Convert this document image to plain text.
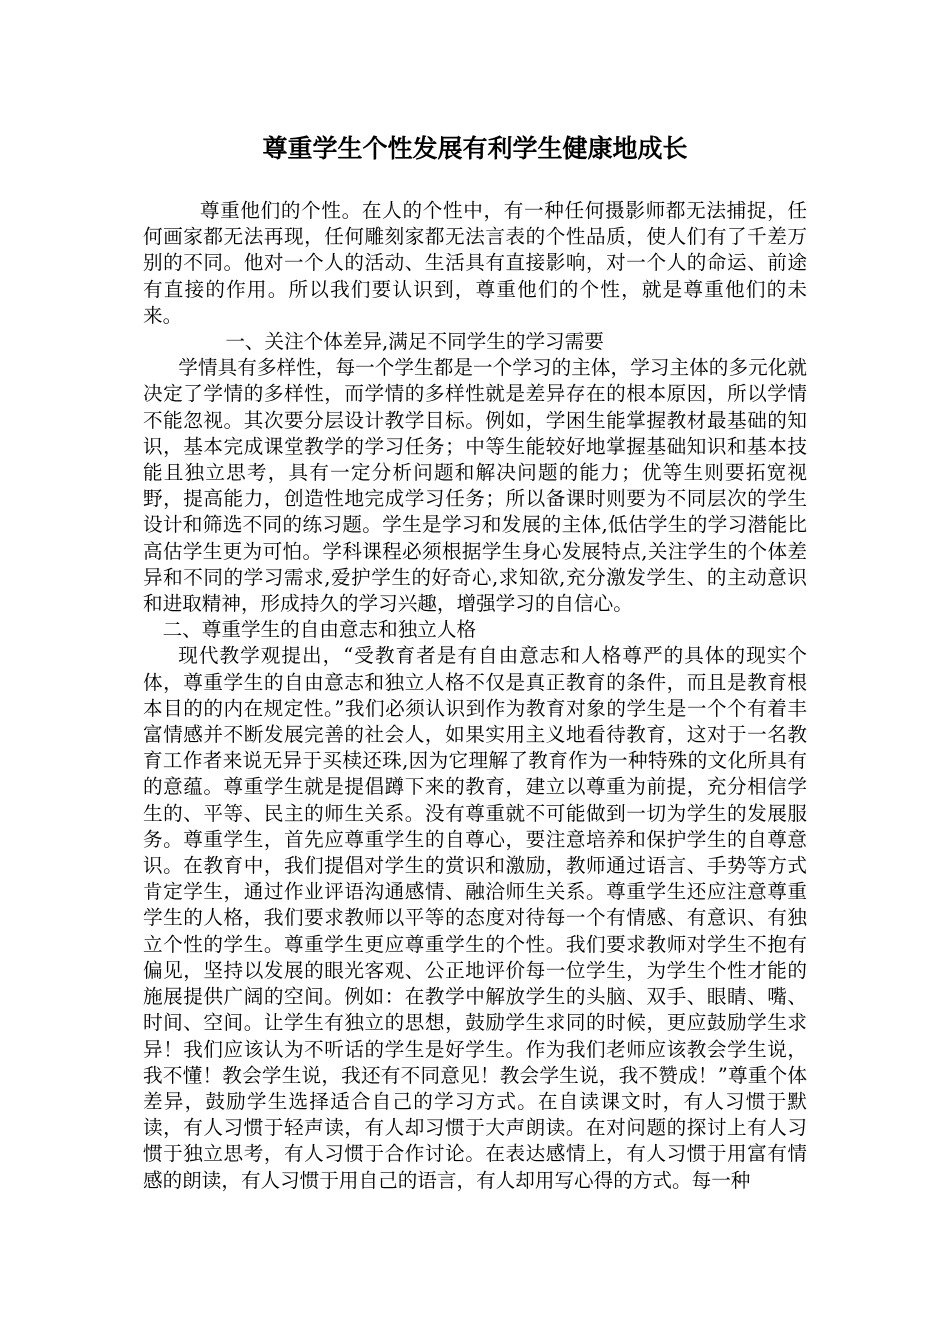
尊重学生个性发展有利学生健康地成长

尊重他们的个性。在人的个性中，有一种任何摄影师都无法捕捉，任何画家都无法再现，任何雕刻家都无法言表的个性品质，使人们有了千差万别的不同。他对一个人的活动、生活具有直接影响，对一个人的命运、前途有直接的作用。所以我们要认识到，尊重他们的个性，就是尊重他们的未来。

一、关注个体差异,满足不同学生的学习需要

学情具有多样性，每一个学生都是一个学习的主体，学习主体的多元化就决定了学情的多样性，而学情的多样性就是差异存在的根本原因，所以学情不能忽视。其次要分层设计教学目标。例如，学困生能掌握教材最基础的知识，基本完成课堂教学的学习任务；中等生能较好地掌握基础知识和基本技能且独立思考，具有一定分析问题和解决问题的能力；优等生则要拓宽视野，提高能力，创造性地完成学习任务；所以备课时则要为不同层次的学生设计和筛选不同的练习题。学生是学习和发展的主体,低估学生的学习潜能比高估学生更为可怕。学科课程必须根据学生身心发展特点,关注学生的个体差异和不同的学习需求,爱护学生的好奇心,求知欲,充分激发学生、的主动意识和进取精神，形成持久的学习兴趣，增强学习的自信心。

二、尊重学生的自由意志和独立人格

现代教学观提出，“受教育者是有自由意志和人格尊严的具体的现实个体，尊重学生的自由意志和独立人格不仅是真正教育的条件，而且是教育根本目的的内在规定性。”我们必须认识到作为教育对象的学生是一个个有着丰富情感并不断发展完善的社会人，如果实用主义地看待教育，这对于一名教育工作者来说无异于买椟还珠,因为它理解了教育作为一种特殊的文化所具有的意蕴。尊重学生就是提倡蹲下来的教育，建立以尊重为前提，充分相信学生的、平等、民主的师生关系。没有尊重就不可能做到一切为学生的发展服务。尊重学生，首先应尊重学生的自尊心，要注意培养和保护学生的自尊意识。在教育中，我们提倡对学生的赏识和激励，教师通过语言、手势等方式肯定学生，通过作业评语沟通感情、融洽师生关系。尊重学生还应注意尊重学生的人格，我们要求教师以平等的态度对待每一个有情感、有意识、有独立个性的学生。尊重学生更应尊重学生的个性。我们要求教师对学生不抱有偏见，坚持以发展的眼光客观、公正地评价每一位学生，为学生个性才能的施展提供广阔的空间。例如：在教学中解放学生的头脑、双手、眼睛、嘴、时间、空间。让学生有独立的思想，鼓励学生求同的时候，更应鼓励学生求异！我们应该认为不听话的学生是好学生。作为我们老师应该教会学生说，我不懂！教会学生说，我还有不同意见！教会学生说，我不赞成！”尊重个体差异，鼓励学生选择适合自己的学习方式。在自读课文时，有人习惯于默读，有人习惯于轻声读，有人却习惯于大声朗读。在对问题的探讨上有人习惯于独立思考，有人习惯于合作讨论。在表达感情上，有人习惯于用富有情感的朗读，有人习惯于用自己的语言，有人却用写心得的方式。每一种
